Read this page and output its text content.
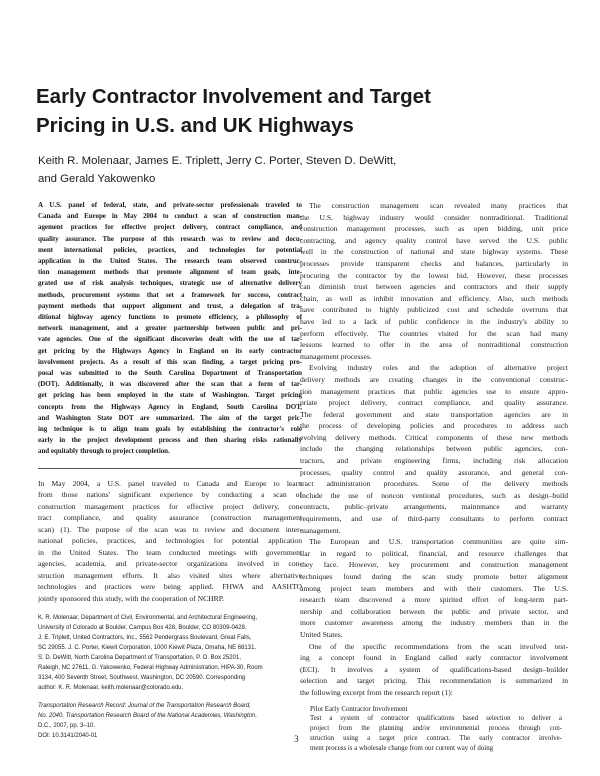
Early Contractor Involvement and Target
Pricing in U.S. and UK Highways
Keith R. Molenaar, James E. Triplett, Jerry C. Porter, Steven D. DeWitt,
and Gerald Yakowenko
A U.S. panel of federal, state, and private-sector professionals traveled to
Canada and Europe in May 2004 to conduct a scan of construction man-
agement practices for effective project delivery, contract compliance, and
quality assurance. The purpose of this research was to review and docu-
ment international policies, practices, and technologies for potential
application in the United States. The research team observed construc-
tion management methods that promote alignment of team goals, inte-
grated use of risk analysis techniques, strategic use of alternative delivery
methods, procurement systems that set a framework for success, contract
payment methods that support alignment and trust, a delegation of tra-
ditional highway agency functions to promote efficiency, a philosophy of
network management, and a greater partnership between public and pri-
vate agencies. One of the significant discoveries dealt with the use of tar-
get pricing by the Highways Agency in England on its early contractor
involvement projects. As a result of this scan finding, a target pricing pro-
posal was submitted to the South Carolina Department of Transportation
(DOT). Additionally, it was discovered after the scan that a form of tar-
get pricing has been employed in the state of Washington. Target pricing
concepts from the Highways Agency in England, South Carolina DOT,
and Washington State DOT are summarized. The aim of the target pric-
ing technique is to align team goals by establishing the contractor's role
early in the project development process and then sharing risks rationally
and equitably through to project completion.
In May 2004, a U.S. panel traveled to Canada and Europe to learn
from those nations' significant experience by conducting a scan of
construction management practices for effective project delivery, con-
tract compliance, and quality assurance (construction management
scan) (1). The purpose of the scan was to review and document inter-
national policies, practices, and technologies for potential application
in the United States. The team conducted meetings with government
agencies, academia, and private-sector organizations involved in con-
struction management efforts. It also visited sites where alternative
technologies and practices were being applied. FHWA and AASHTO
jointly sponsored this study, with the cooperation of NCHRP.
K. R. Molenaar, Department of Civil, Environmental, and Architectural Engineering,
University of Colorado at Boulder, Campus Box 428, Boulder, CO 80309-0428.
J. E. Triplett, United Contractors, Inc., 5562 Pendergrass Boulevard, Great Falls,
SC 29055. J. C. Porter, Kiewit Corporation, 1000 Kiewit Plaza, Omaha, NE 68131.
S. D. DeWitt, North Carolina Department of Transportation, P. O. Box 25201,
Raleigh, NC 27611. G. Yakowenko, Federal Highway Administration, HIPA-30, Room
3134, 400 Seventh Street, Southwest, Washington, DC 20590. Corresponding
author: K. R. Molenaar, keith.molenaar@colorado.edu.
Transportation Research Record: Journal of the Transportation Research Board,
No. 2040, Transportation Research Board of the National Academies, Washington,
D.C., 2007, pp. 3–10.
DOI: 10.3141/2040-01
The construction management scan revealed many practices that
the U.S. highway industry would consider nontraditional. Traditional
construction management processes, such as open bidding, unit price
contracting, and agency quality control have served the U.S. public
well in the construction of national and state highway systems. These
processes provide transparent checks and balances, particularly in
procuring the contractor by the lowest bid. However, these processes
can diminish trust between agencies and contractors and their supply
chain, as well as inhibit innovation and efficiency. Also, such methods
have contributed to highly publicized cost and schedule overruns that
have led to a lack of public confidence in the industry's ability to
perform effectively. The countries visited for the scan had many
lessons learned to offer in the area of nontraditional construction
management processes.
Evolving industry roles and the adoption of alternative project
delivery methods are creating changes in the conventional construc-
tion management practices that public agencies use to ensure appro-
priate project delivery, contract compliance, and quality assurance.
The federal government and state transportation agencies are in
the process of developing policies and procedures to address such
evolving delivery methods. Critical components of these new methods
include the changing relationships between public agencies, con-
tractors, and private engineering firms, including risk allocation
processes, quality control and quality assurance, and general con-
tract administration procedures. Some of the delivery methods
include the use of noncon ventional procedures, such as design–build
contracts, public–private arrangements, maintenance and warranty
requirements, and use of third-party consultants to perform contract
management.
The European and U.S. transportation communities are quite sim-
ilar in regard to political, financial, and resource challenges that
they face. However, key procurement and construction management
techniques found during the scan study promote better alignment
among project team members and with their customers. The U.S.
research team discovered a more spirited effort of long-term part-
nership and collaboration between the public and private sector, and
more customer awareness among the industry members than in the
United States.
One of the specific recommendations from the scan involved test-
ing a concept found in England called early contractor involvement
(ECI). It involves a system of qualifications-based design–builder
selection and target pricing. This recommendation is summarized in
the following excerpt from the research report (1):
Pilot Early Contractor Involvement
Test a system of contractor qualifications based selection to deliver a
project from the planning and/or environmental process through con-
struction using a target price contract. The early contractor involve-
ment process is a wholesale change from our current way of doing
3
